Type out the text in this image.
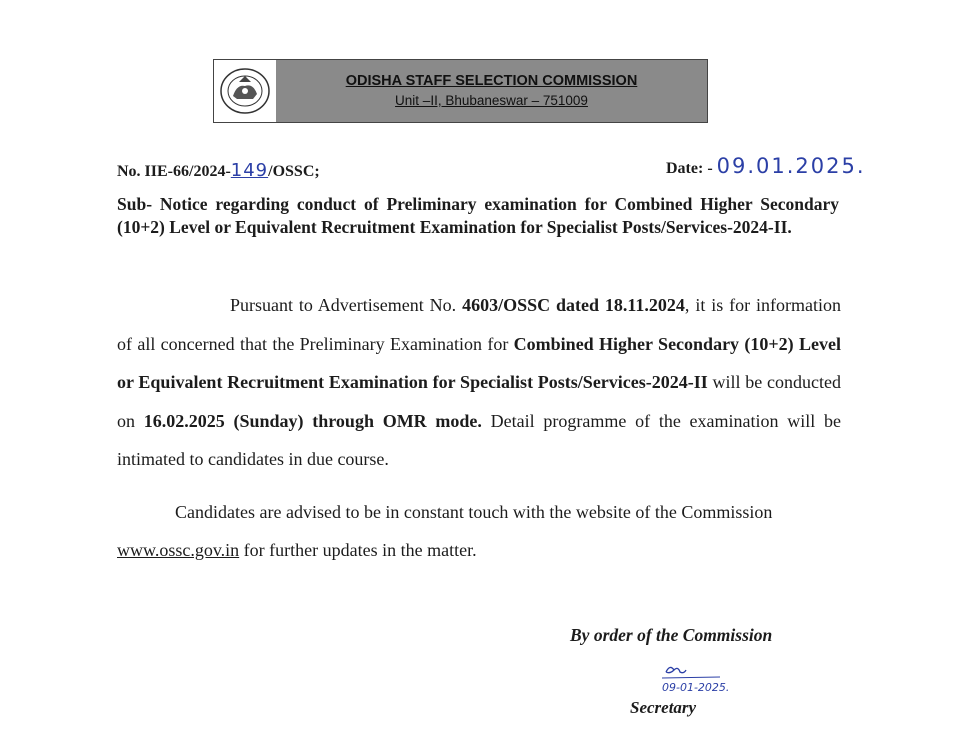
ODISHA STAFF SELECTION COMMISSION
Unit –II, Bhubaneswar – 751009
No. IIE-66/2024-149/OSSC;	Date: - 09.01.2025.
Sub- Notice regarding conduct of Preliminary examination for Combined Higher Secondary (10+2) Level or Equivalent Recruitment Examination for Specialist Posts/Services-2024-II.
Pursuant to Advertisement No. 4603/OSSC dated 18.11.2024, it is for information of all concerned that the Preliminary Examination for Combined Higher Secondary (10+2) Level or Equivalent Recruitment Examination for Specialist Posts/Services-2024-II will be conducted on 16.02.2025 (Sunday) through OMR mode. Detail programme of the examination will be intimated to candidates in due course.
Candidates are advised to be in constant touch with the website of the Commission www.ossc.gov.in for further updates in the matter.
By order of the Commission
09-01-2025.
Secretary
